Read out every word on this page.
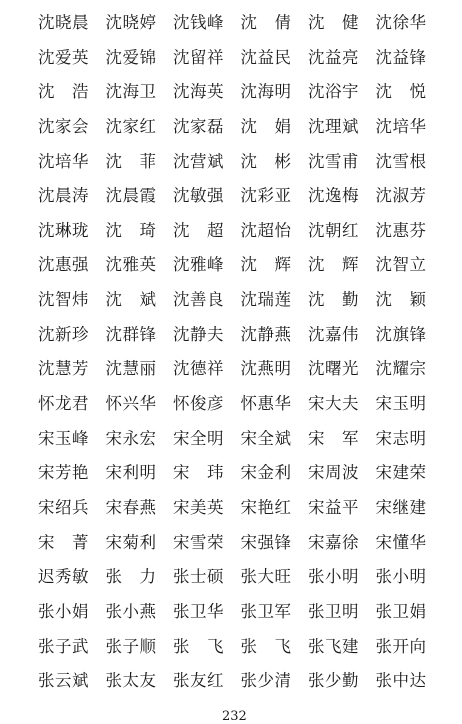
沈晓晨	沈晓婷	沈钱峰	沈　倩	沈　健	沈徐华
沈爱英	沈爱锦	沈留祥	沈益民	沈益亮	沈益锋
沈　浩	沈海卫	沈海英	沈海明	沈浴宇	沈　悦
沈家会	沈家红	沈家磊	沈　娟	沈理斌	沈培华
沈培华	沈　菲	沈营斌	沈　彬	沈雪甫	沈雪根
沈晨涛	沈晨霞	沈敏强	沈彩亚	沈逸梅	沈淑芳
沈琳珑	沈　琦	沈　超	沈超怡	沈朝红	沈惠芬
沈惠强	沈雅英	沈雅峰	沈　辉	沈　辉	沈智立
沈智炜	沈　斌	沈善良	沈瑞莲	沈　勤	沈　颖
沈新珍	沈群锋	沈静夫	沈静燕	沈嘉伟	沈旗锋
沈慧芳	沈慧丽	沈德祥	沈燕明	沈曙光	沈耀宗
怀龙君	怀兴华	怀俊彦	怀惠华	宋大夫	宋玉明
宋玉峰	宋永宏	宋全明	宋全斌	宋　军	宋志明
宋芳艳	宋利明	宋　玮	宋金利	宋周波	宋建荣
宋绍兵	宋春燕	宋美英	宋艳红	宋益平	宋继建
宋　菁	宋菊利	宋雪荣	宋强锋	宋嘉徐	宋懂华
迟秀敏	张　力	张士硕	张大旺	张小明	张小明
张小娟	张小燕	张卫华	张卫军	张卫明	张卫娟
张子武	张子顺	张　飞	张　飞	张飞建	张开向
张云斌	张太友	张友红	张少清	张少勤	张中达
232
